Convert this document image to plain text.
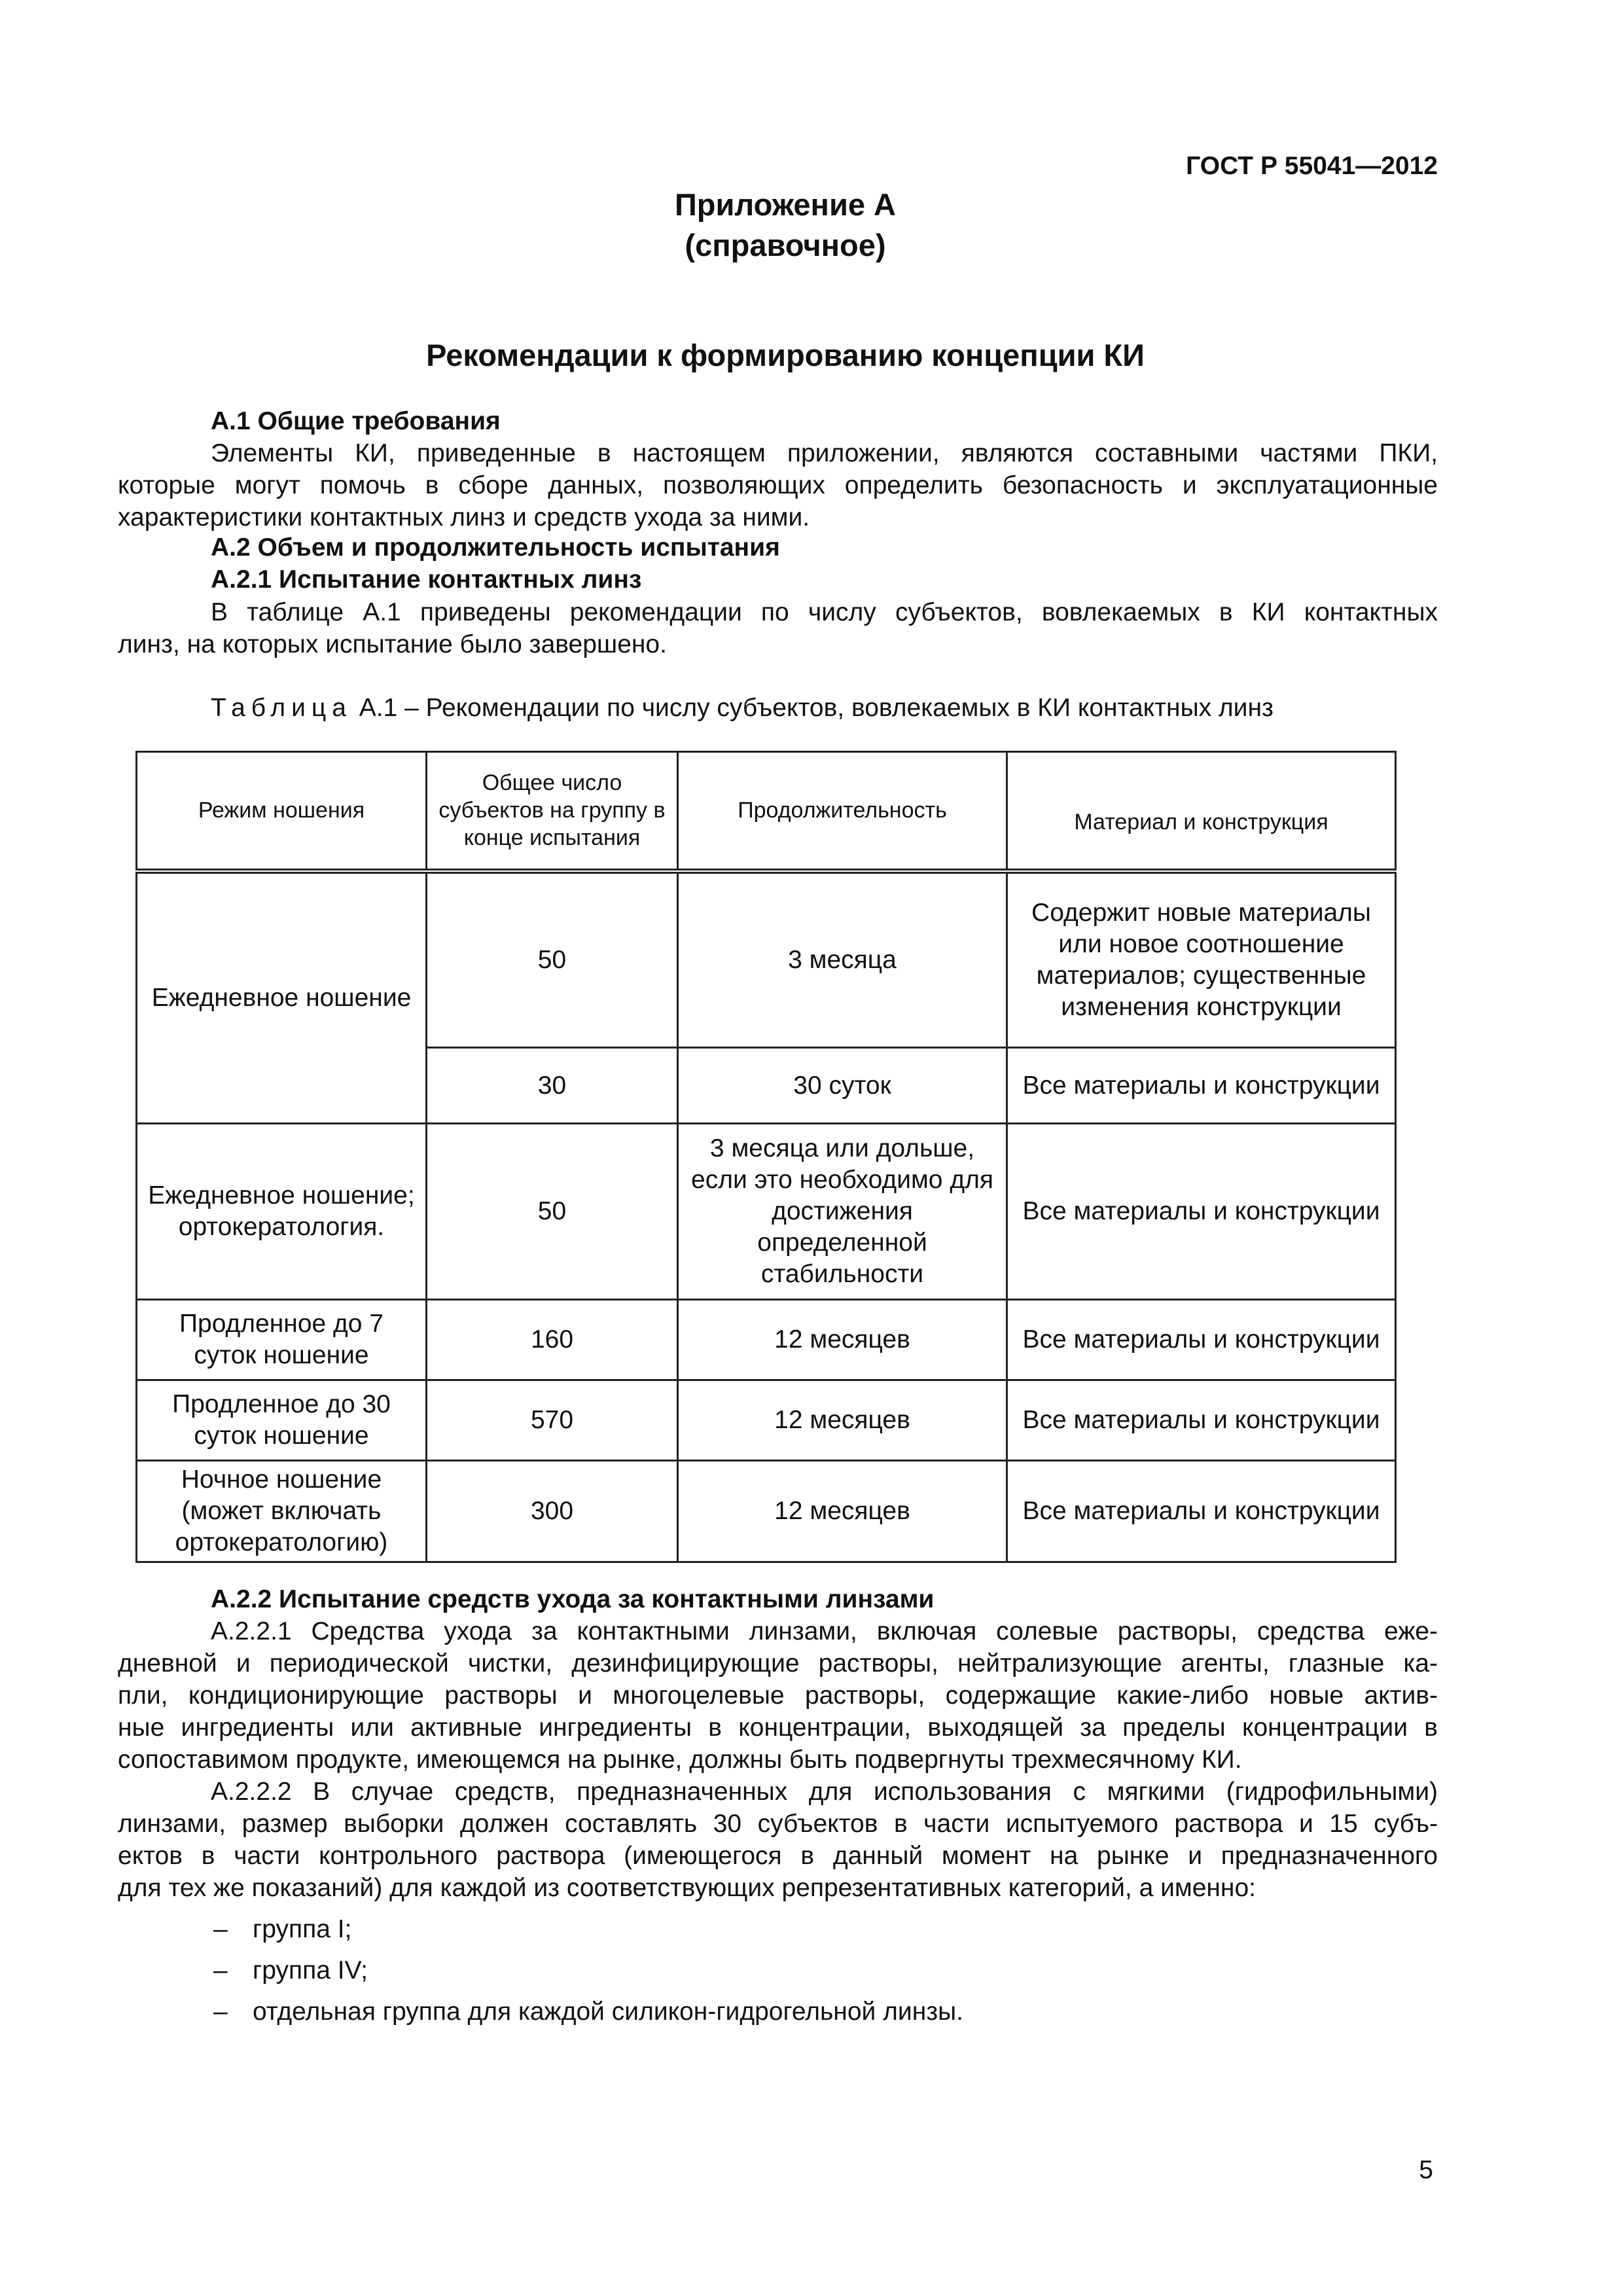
ГОСТ Р 55041—2012
Приложение А
(справочное)
Рекомендации к формированию концепции КИ
А.1 Общие требования
Элементы КИ, приведенные в настоящем приложении, являются составными частями ПКИ,
которые могут помочь в сборе данных, позволяющих определить безопасность и эксплуатационные
характеристики контактных линз и средств ухода за ними.
А.2 Объем и продолжительность испытания
А.2.1 Испытание контактных линз
В таблице А.1 приведены рекомендации по числу субъектов, вовлекаемых в КИ контактных
линз, на которых испытание было завершено.
Таблица А.1 – Рекомендации по числу субъектов, вовлекаемых в КИ контактных линз
Режим ношения	Общее число субъектов на группу в конце испытания	Продолжительность	Материал и конструкция
Ежедневное ношение	50	3 месяца	Содержит новые материалы или новое соотношение материалов; существенные изменения конструкции
	30	30 суток	Все материалы и конструкции
Ежедневное ношение; ортокератология.	50	3 месяца или дольше, если это необходимо для достижения определенной стабильности	Все материалы и конструкции
Продленное до 7 суток ношение	160	12 месяцев	Все материалы и конструкции
Продленное до 30 суток ношение	570	12 месяцев	Все материалы и конструкции
Ночное ношение (может включать ортокератологию)	300	12 месяцев	Все материалы и конструкции
А.2.2 Испытание средств ухода за контактными линзами
А.2.2.1 Средства ухода за контактными линзами, включая солевые растворы, средства еже-
дневной и периодической чистки, дезинфицирующие растворы, нейтрализующие агенты, глазные ка-
пли, кондиционирующие растворы и многоцелевые растворы, содержащие какие-либо новые актив-
ные ингредиенты или активные ингредиенты в концентрации, выходящей за пределы концентрации в
сопоставимом продукте, имеющемся на рынке, должны быть подвергнуты трехмесячному КИ.
А.2.2.2 В случае средств, предназначенных для использования с мягкими (гидрофильными)
линзами, размер выборки должен составлять 30 субъектов в части испытуемого раствора и 15 субъ-
ектов в части контрольного раствора (имеющегося в данный момент на рынке и предназначенного
для тех же показаний) для каждой из соответствующих репрезентативных категорий, а именно:
– группа I;
– группа IV;
– отдельная группа для каждой силикон-гидрогельной линзы.
5
